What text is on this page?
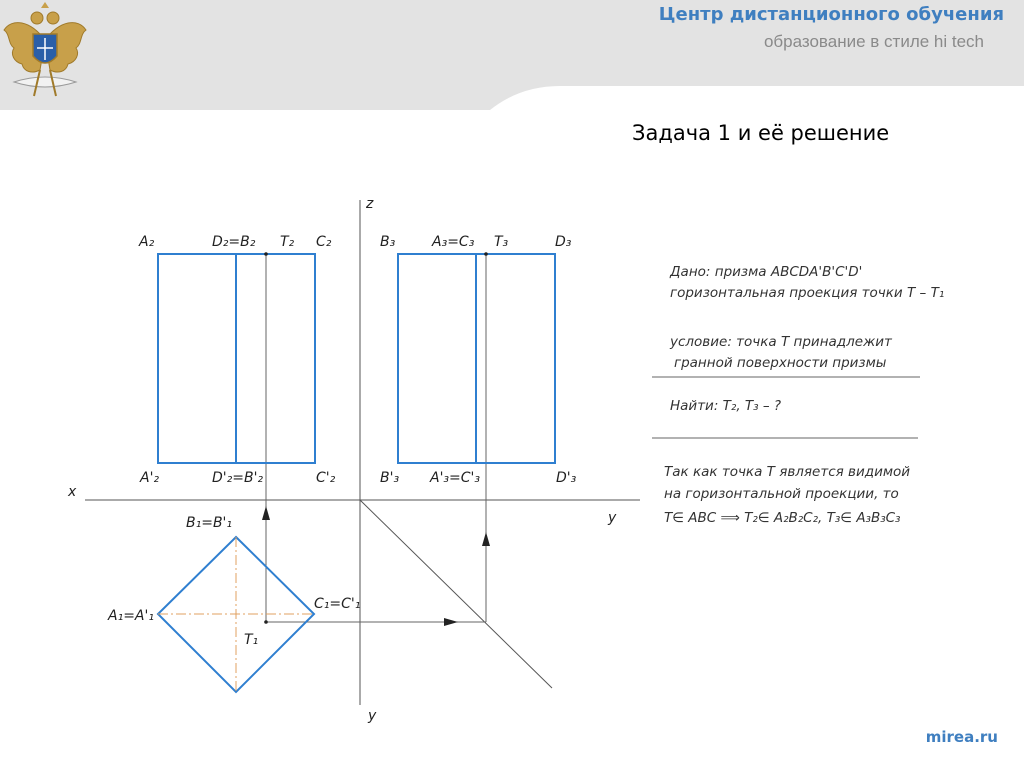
Центр дистанционного обучения
образование в стиле hi tech
Задача 1 и её решение
x
y
z
y
A₂	D₂=B₂ T₂ C₂
A'₂	D'₂=B'₂	C'₂
B₃	A₃=C₃ T₃	D₃
B'₃ A'₃=C'₃	D'₃
B₁=B'₁
A₁=A'₁
C₁=C'₁
T₁
Дано: призма ABCDA'B'C'D'
горизонтальная проекция точки T – T₁
условие: точка T принадлежит
гранной поверхности призмы
Найти: T₂, T₃ – ?
Так как точка T является видимой
на горизонтальной проекции, то
T∈ ABC ⟹ T₂∈ A₂B₂C₂, T₃∈ A₃B₃C₃
mirea.ru
